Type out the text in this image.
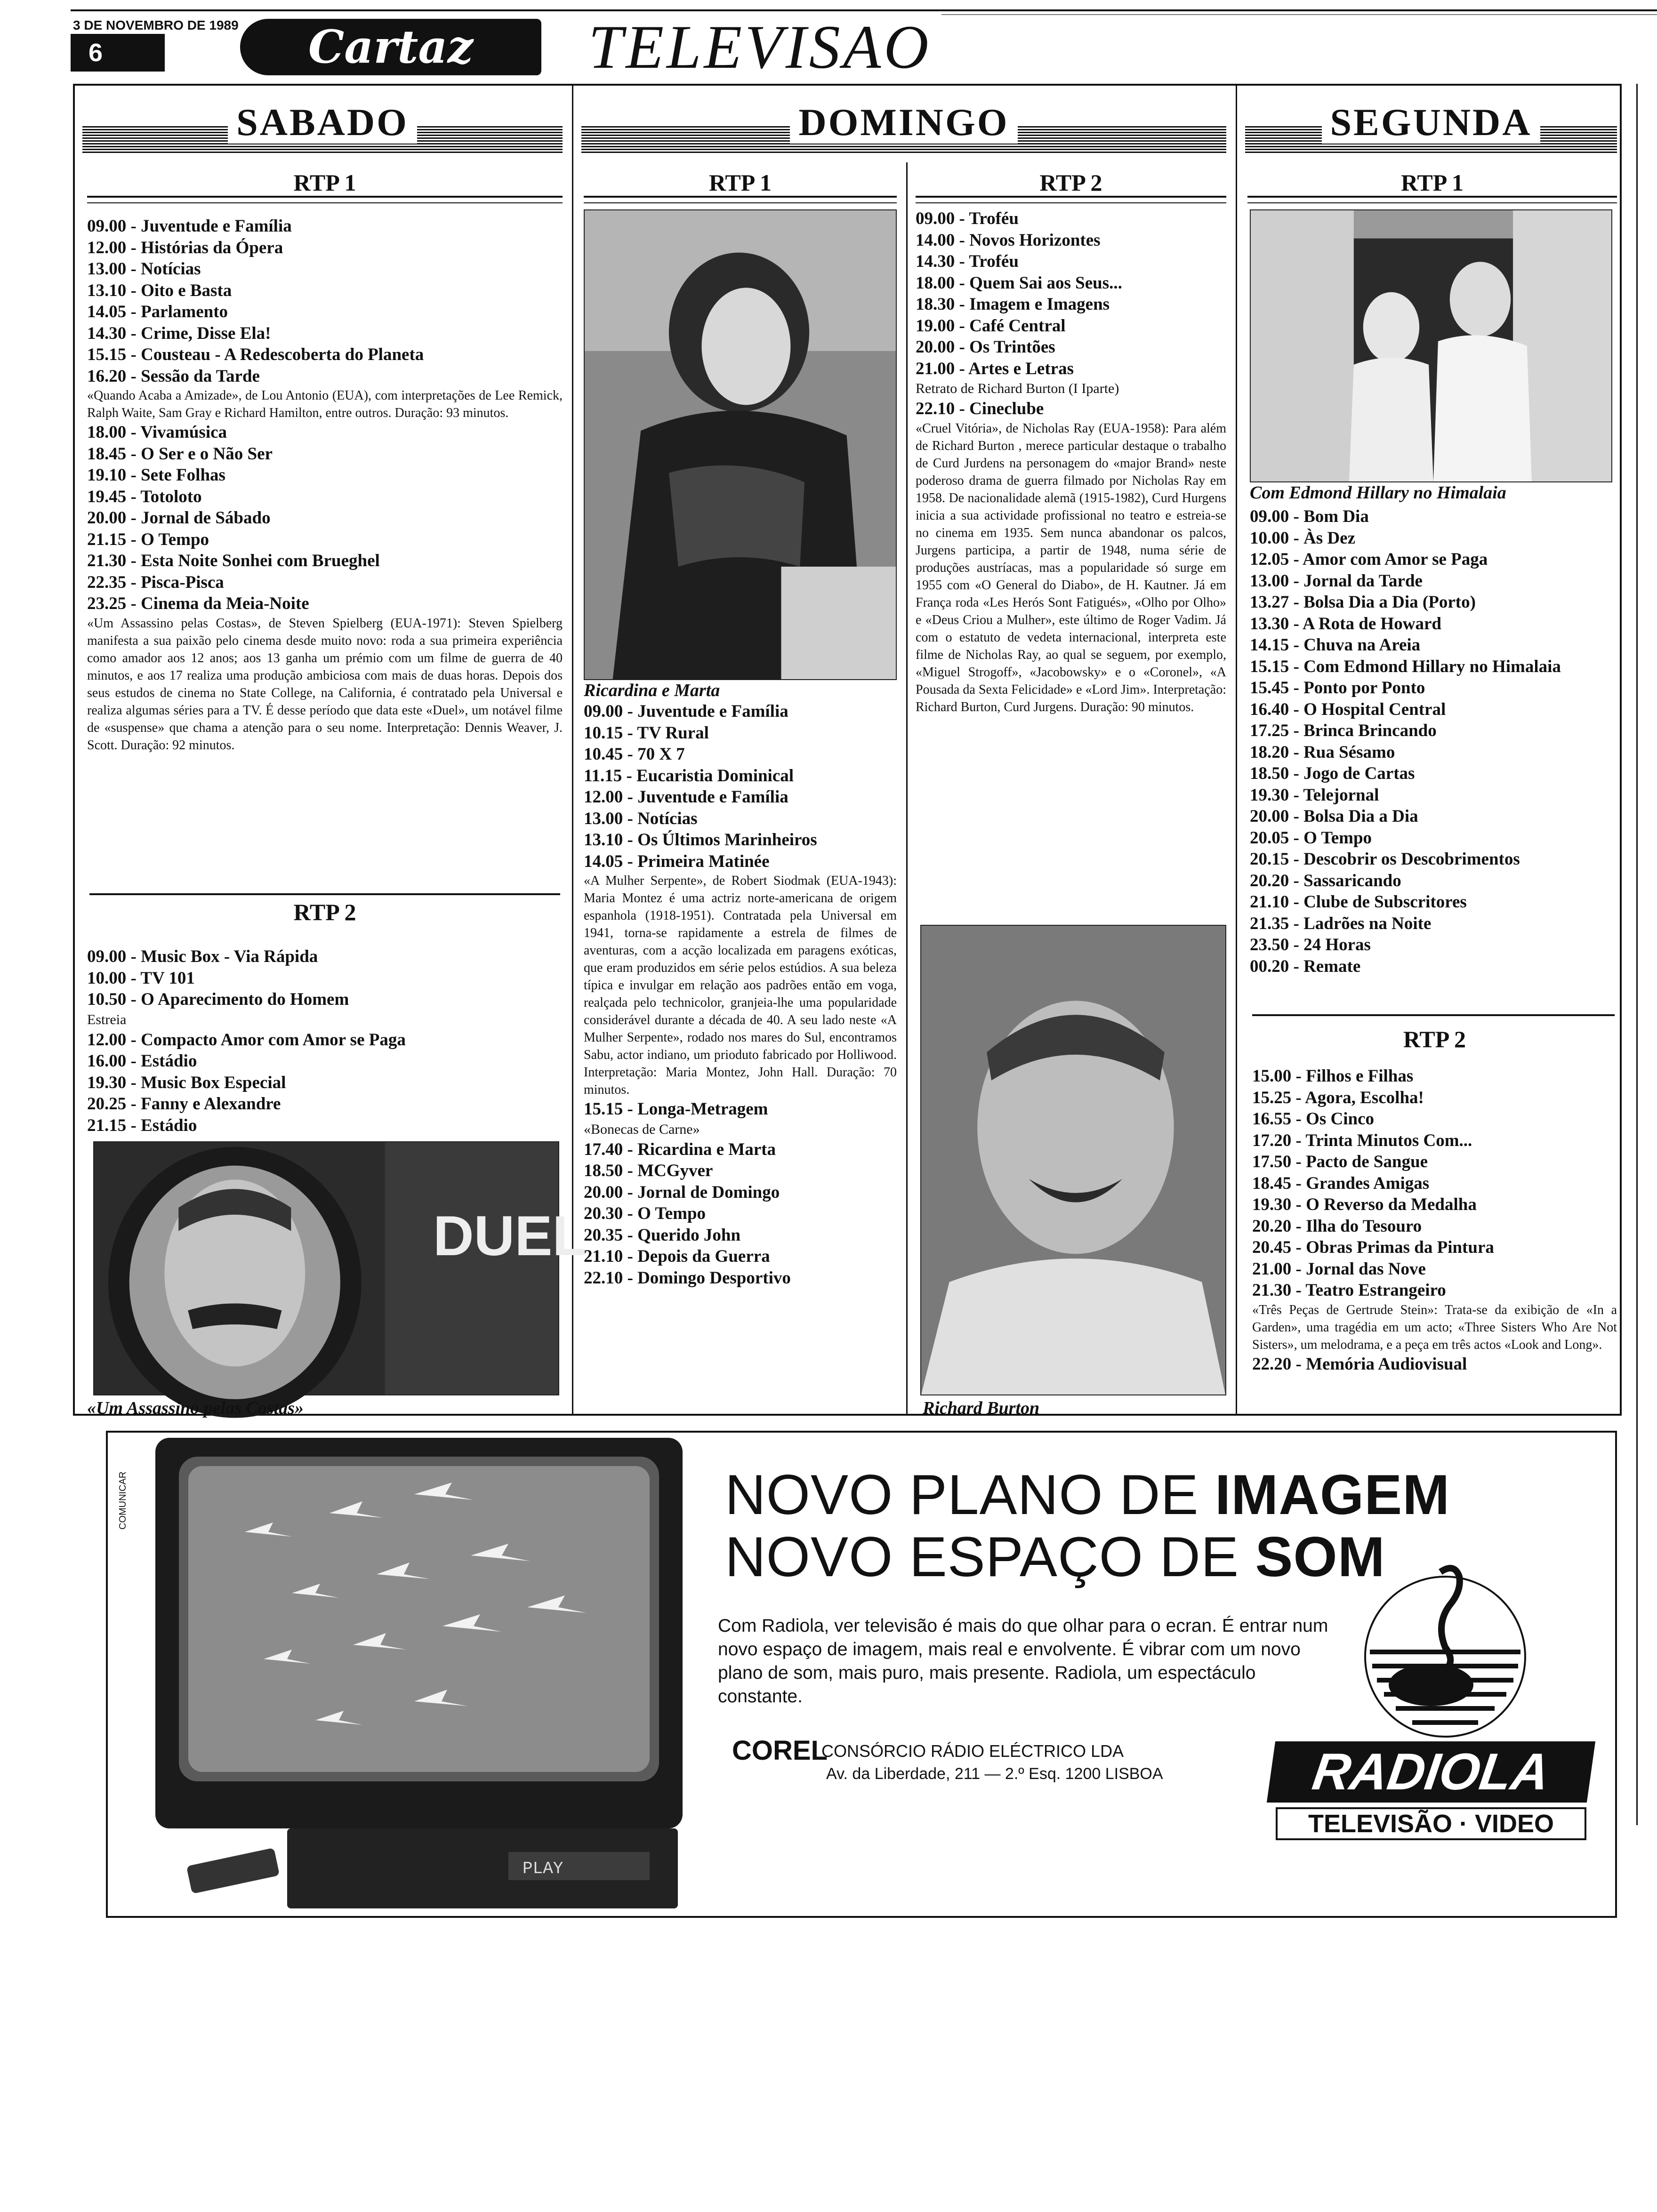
3 DE NOVEMBRO DE 1989
6	Cartaz	TELEVISAO
SABADO	DOMINGO	SEGUNDA
RTP 1
09.00 - Juventude e Família
12.00 - Histórias da Ópera
13.00 - Notícias
13.10 - Oito e Basta
14.05 - Parlamento
14.30 - Crime, Disse Ela!
15.15 - Cousteau - A Redescoberta do Planeta
16.20 - Sessão da Tarde
«Quando Acaba a Amizade», de Lou Antonio (EUA), com interpretações de Lee Remick, Ralph Waite, Sam Gray e Richard Hamilton, entre outros. Duração: 93 minutos.
18.00 - Vivamúsica
18.45 - O Ser e o Não Ser
19.10 - Sete Folhas
19.45 - Totoloto
20.00 - Jornal de Sábado
21.15 - O Tempo
21.30 - Esta Noite Sonhei com Brueghel
22.35 - Pisca-Pisca
23.25 - Cinema da Meia-Noite
«Um Assassino pelas Costas», de Steven Spielberg (EUA-1971): Steven Spielberg manifesta a sua paixão pelo cinema desde muito novo: roda a sua primeira experiência como amador aos 12 anos; aos 13 ganha um prémio com um filme de guerra de 40 minutos, e aos 17 realiza uma produção ambiciosa com mais de duas horas. Depois dos seus estudos de cinema no State College, na California, é contratado pela Universal e realiza algumas séries para a TV. É desse período que data este «Duel», um notável filme de «suspense» que chama a atenção para o seu nome. Interpretação: Dennis Weaver, J. Scott. Duração: 92 minutos.
RTP 2
09.00 - Music Box - Via Rápida
10.00 - TV 101
10.50 - O Aparecimento do Homem
Estreia
12.00 - Compacto Amor com Amor se Paga
16.00 - Estádio
19.30 - Music Box Especial
20.25 - Fanny e Alexandre
21.15 - Estádio
DUEL
«Um Assassino pelas Costas»
RTP 1
Ricardina e Marta
09.00 - Juventude e Família
10.15 - TV Rural
10.45 - 70 X 7
11.15 - Eucaristia Dominical
12.00 - Juventude e Família
13.00 - Notícias
13.10 - Os Últimos Marinheiros
14.05 - Primeira Matinée
«A Mulher Serpente», de Robert Siodmak (EUA-1943): Maria Montez é uma actriz norte-americana de origem espanhola (1918-1951). Contratada pela Universal em 1941, torna-se rapidamente a estrela de filmes de aventuras, com a acção localizada em paragens exóticas, que eram produzidos em série pelos estúdios. A sua beleza típica e invulgar em relação aos padrões então em voga, realçada pelo technicolor, granjeia-lhe uma popularidade considerável durante a década de 40. A seu lado neste «A Mulher Serpente», rodado nos mares do Sul, encontramos Sabu, actor indiano, um prioduto fabricado por Holliwood. Interpretação: Maria Montez, John Hall. Duração: 70 minutos.
15.15 - Longa-Metragem
«Bonecas de Carne»
17.40 - Ricardina e Marta
18.50 - MCGyver
20.00 - Jornal de Domingo
20.30 - O Tempo
20.35 - Querido John
21.10 - Depois da Guerra
22.10 - Domingo Desportivo
RTP 2
09.00 - Troféu
14.00 - Novos Horizontes
14.30 - Troféu
18.00 - Quem Sai aos Seus...
18.30 - Imagem e Imagens
19.00 - Café Central
20.00 - Os Trintões
21.00 - Artes e Letras
Retrato de Richard Burton (I Iparte)
22.10 - Cineclube
«Cruel Vitória», de Nicholas Ray (EUA-1958): Para além de Richard Burton , merece particular destaque o trabalho de Curd Jurdens na personagem do «major Brand» neste poderoso drama de guerra filmado por Nicholas Ray em 1958. De nacionalidade alemã (1915-1982), Curd Hurgens inicia a sua actividade profissional no teatro e estreia-se no cinema em 1935. Sem nunca abandonar os palcos, Jurgens participa, a partir de 1948, numa série de produções austríacas, mas a popularidade só surge em 1955 com «O General do Diabo», de H. Kautner. Já em França roda «Les Herós Sont Fatigués», «Olho por Olho» e «Deus Criou a Mulher», este último de Roger Vadim. Já com o estatuto de vedeta internacional, interpreta este filme de Nicholas Ray, ao qual se seguem, por exemplo, «Miguel Strogoff», «Jacobowsky» e o «Coronel», «A Pousada da Sexta Felicidade» e «Lord Jim». Interpretação: Richard Burton, Curd Jurgens. Duração: 90 minutos.
Richard Burton
RTP 1
Com Edmond Hillary no Himalaia
09.00 - Bom Dia
10.00 - Às Dez
12.05 - Amor com Amor se Paga
13.00 - Jornal da Tarde
13.27 - Bolsa Dia a Dia (Porto)
13.30 - A Rota de Howard
14.15 - Chuva na Areia
15.15 - Com Edmond Hillary no Himalaia
15.45 - Ponto por Ponto
16.40 - O Hospital Central
17.25 - Brinca Brincando
18.20 - Rua Sésamo
18.50 - Jogo de Cartas
19.30 - Telejornal
20.00 - Bolsa Dia a Dia
20.05 - O Tempo
20.15 - Descobrir os Descobrimentos
20.20 - Sassaricando
21.10 - Clube de Subscritores
21.35 - Ladrões na Noite
23.50 - 24 Horas
00.20 - Remate
RTP 2
15.00 - Filhos e Filhas
15.25 - Agora, Escolha!
16.55 - Os Cinco
17.20 - Trinta Minutos Com...
17.50 - Pacto de Sangue
18.45 - Grandes Amigas
19.30 - O Reverso da Medalha
20.20 - Ilha do Tesouro
20.45 - Obras Primas da Pintura
21.00 - Jornal das Nove
21.30 - Teatro Estrangeiro
«Três Peças de Gertrude Stein»: Trata-se da exibição de «In a Garden», uma tragédia em um acto; «Three Sisters Who Are Not Sisters», um melodrama, e a peça em três actos «Look and Long».
22.20 - Memória Audiovisual
COMUNICAR
PLAY
NOVO PLANO DE IMAGEM
NOVO ESPAÇO DE SOM
Com Radiola, ver televisão é mais do que olhar para o ecran. É entrar num novo espaço de imagem, mais real e envolvente. É vibrar com um novo plano de som, mais puro, mais presente. Radiola, um espectáculo constante.
COREL
CONSÓRCIO RÁDIO ELÉCTRICO LDA
Av. da Liberdade, 211 — 2.º Esq. 1200 LISBOA	RADIOLA
TELEVISÃO · VIDEO
